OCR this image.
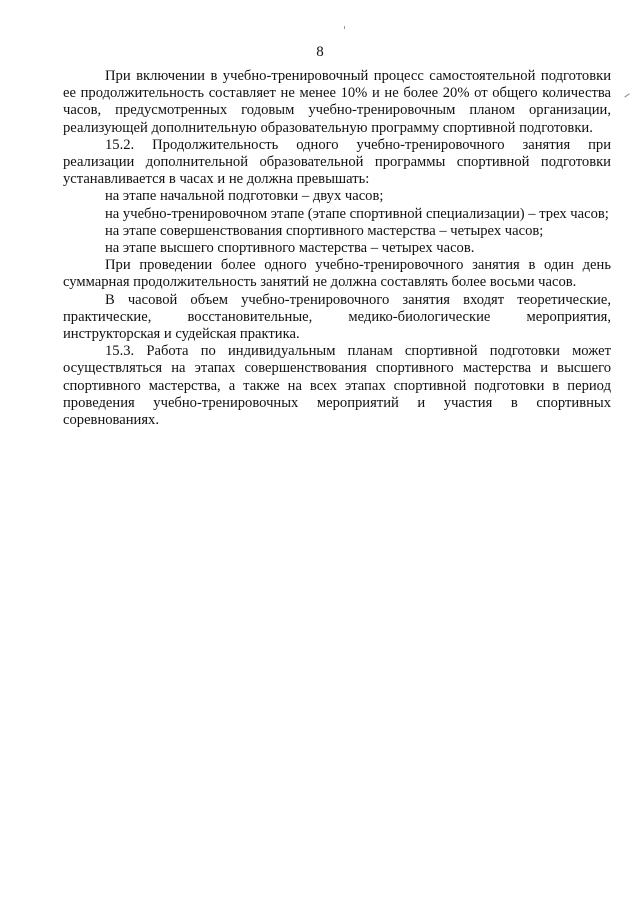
8

При включении в учебно-тренировочный процесс самостоятельной подготовки ее продолжительность составляет не менее 10% и не более 20% от общего количества часов, предусмотренных годовым учебно-тренировочным планом организации, реализующей дополнительную образовательную программу спортивной подготовки.

15.2. Продолжительность одного учебно-тренировочного занятия при реализации дополнительной образовательной программы спортивной подготовки устанавливается в часах и не должна превышать:

на этапе начальной подготовки – двух часов;

на учебно-тренировочном этапе (этапе спортивной специализации) – трех часов;

на этапе совершенствования спортивного мастерства – четырех часов;

на этапе высшего спортивного мастерства – четырех часов.

При проведении более одного учебно-тренировочного занятия в один день суммарная продолжительность занятий не должна составлять более восьми часов.

В часовой объем учебно-тренировочного занятия входят теоретические, практические, восстановительные, медико-биологические мероприятия, инструкторская и судейская практика.

15.3. Работа по индивидуальным планам спортивной подготовки может осуществляться на этапах совершенствования спортивного мастерства и высшего спортивного мастерства, а также на всех этапах спортивной подготовки в период проведения учебно-тренировочных мероприятий и участия в спортивных соревнованиях.
